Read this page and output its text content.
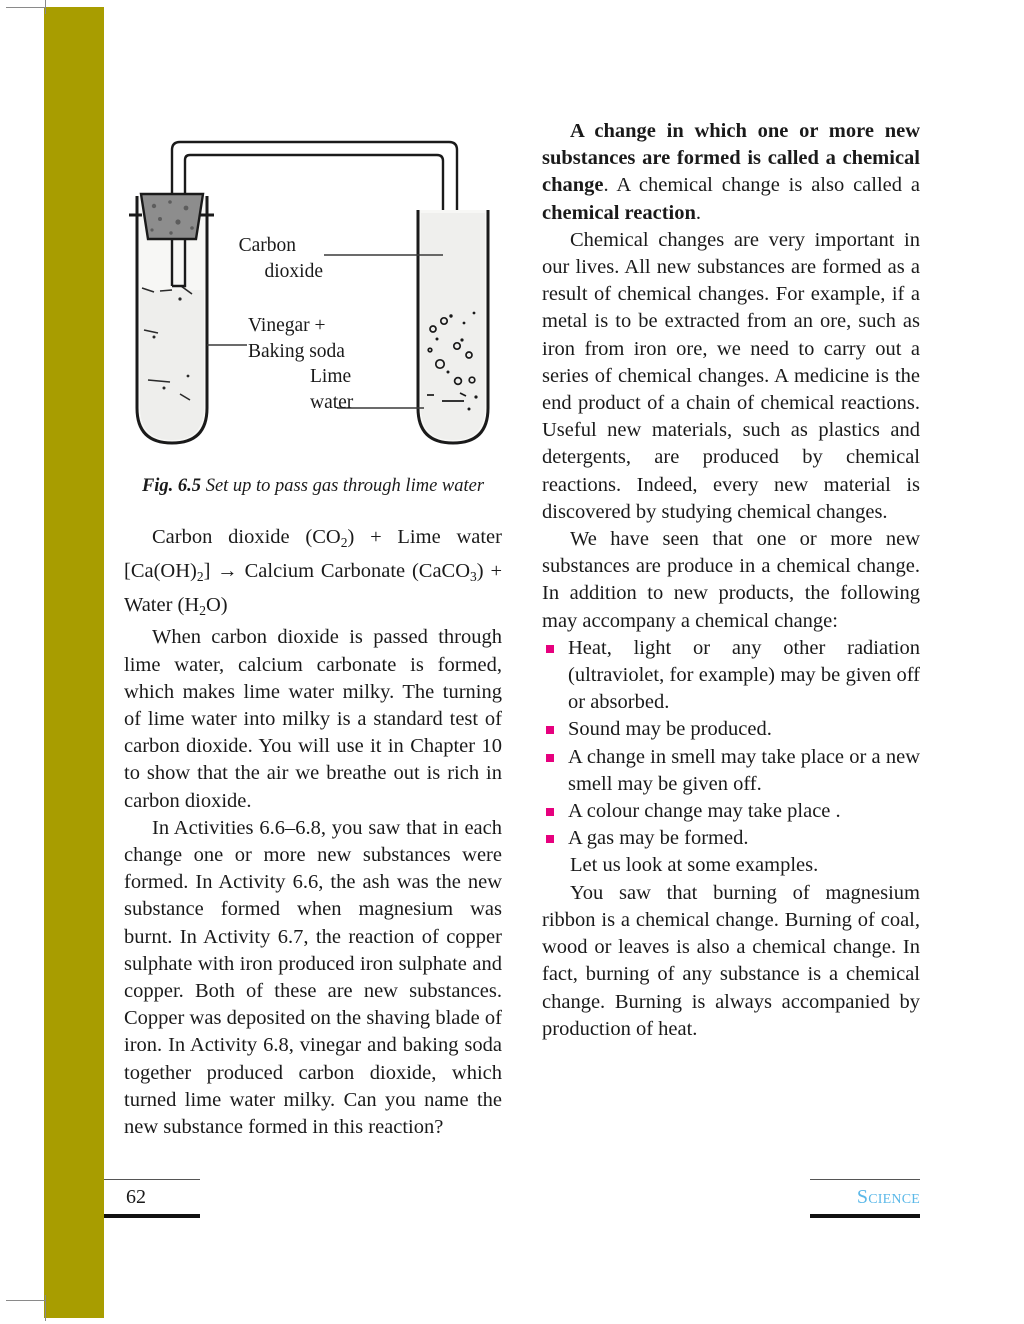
Carbon
dioxide
Vinegar +
Baking soda
Lime
water

Fig. 6.5 Set up to pass gas through lime water

Carbon dioxide $(CO_2)$ + Lime water $[Ca(OH)_2]$ → Calcium Carbonate (CaCO$_3$) + Water $(H_2O)$

When carbon dioxide is passed through lime water, calcium carbonate is formed, which makes lime water milky. The turning of lime water into milky is a standard test of carbon dioxide. You will use it in Chapter 10 to show that the air we breathe out is rich in carbon dioxide.

In Activities 6.6–6.8, you saw that in each change one or more new substances were formed. In Activity 6.6, the ash was the new substance formed when magnesium was burnt. In Activity 6.7, the reaction of copper sulphate with iron produced iron sulphate and copper. Both of these are new substances. Copper was deposited on the shaving blade of iron. In Activity 6.8, vinegar and baking soda together produced carbon dioxide, which turned lime water milky. Can you name the new substance formed in this reaction?

A change in which one or more new substances are formed is called a chemical change. A chemical change is also called a chemical reaction.

Chemical changes are very important in our lives. All new substances are formed as a result of chemical changes. For example, if a metal is to be extracted from an ore, such as iron from iron ore, we need to carry out a series of chemical changes. A medicine is the end product of a chain of chemical reactions. Useful new materials, such as plastics and detergents, are produced by chemical reactions. Indeed, every new material is discovered by studying chemical changes.

We have seen that one or more new substances are produce in a chemical change. In addition to new products, the following may accompany a chemical change:

Heat, light or any other radiation (ultraviolet, for example) may be given off or absorbed.
Sound may be produced.
A change in smell may take place or a new smell may be given off.
A colour change may take place .
A gas may be formed.

Let us look at some examples.

You saw that burning of magnesium ribbon is a chemical change. Burning of coal, wood or leaves is also a chemical change. In fact, burning of any substance is a chemical change. Burning is always accompanied by production of heat.

62	Science
